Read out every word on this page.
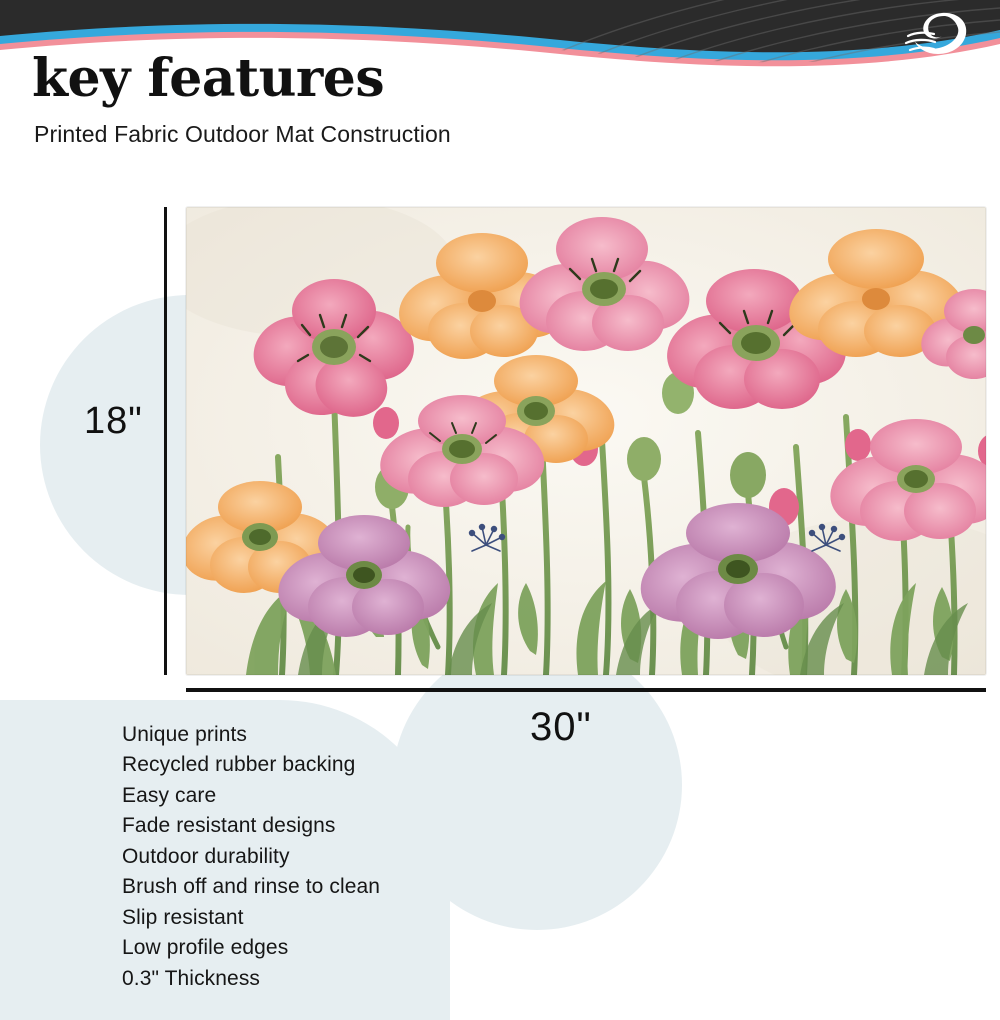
key features

Printed Fabric Outdoor Mat Construction

18"
30"
Unique prints
Recycled rubber backing
Easy care
Fade resistant designs
Outdoor durability
Brush off and rinse to clean
Slip resistant
Low profile edges
0.3" Thickness
